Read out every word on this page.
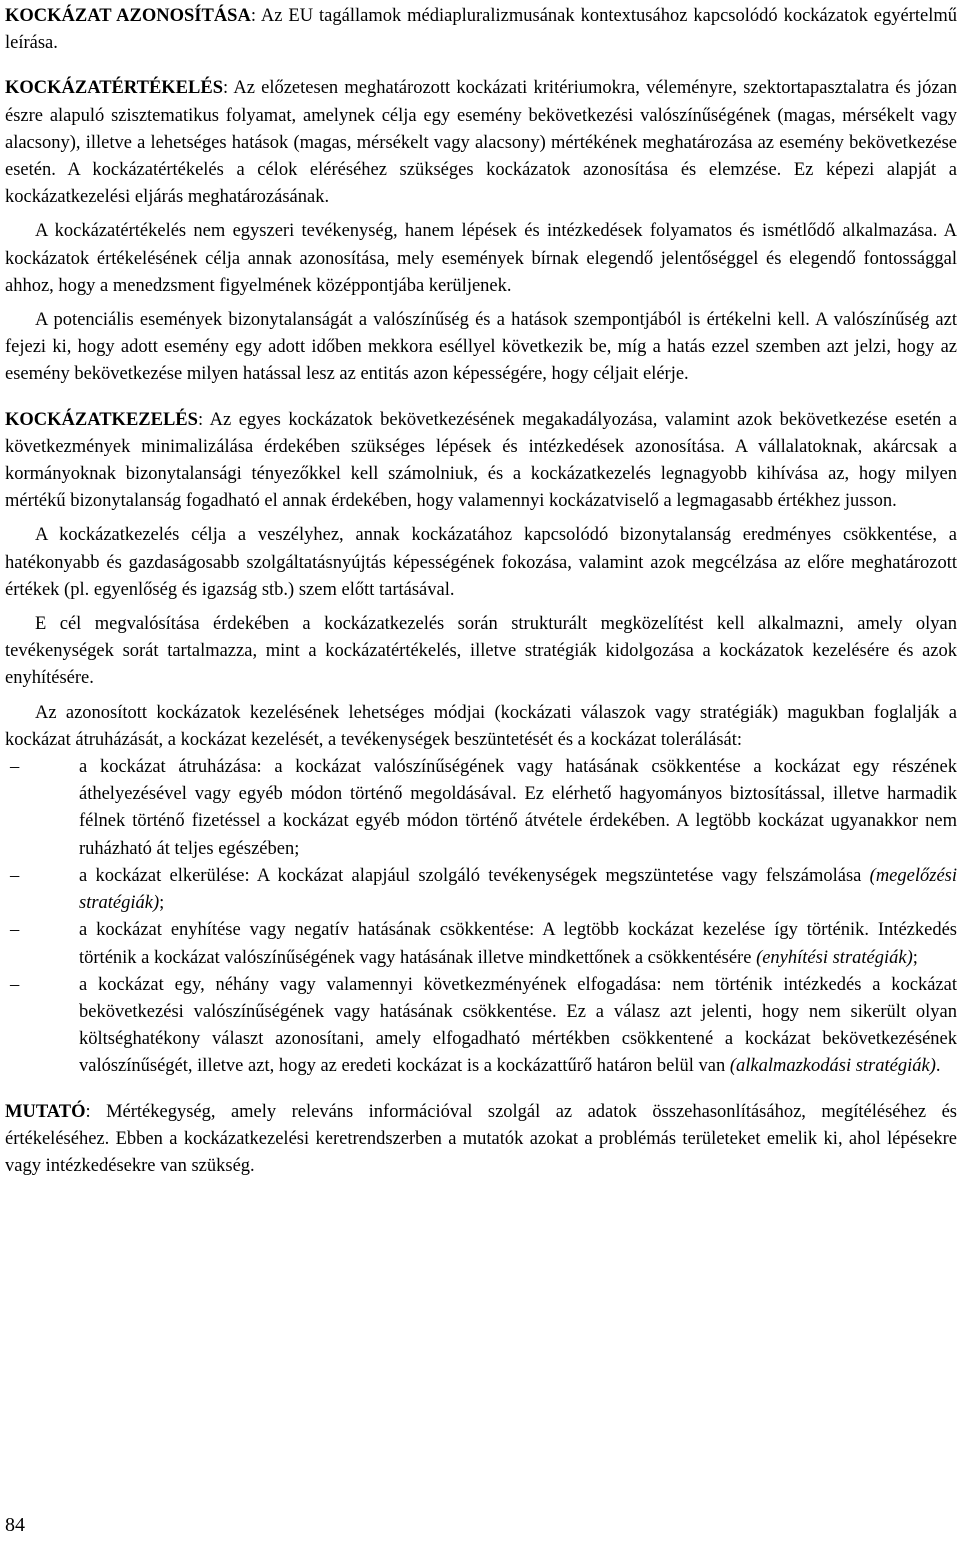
KOCKÁZAT AZONOSÍTÁSA: Az EU tagállamok médiapluralizmusának kontextusához kapcsolódó kockázatok egyértelmű leírása.

KOCKÁZATÉRTÉKELÉS: Az előzetesen meghatározott kockázati kritériumokra, véleményre, szektortapasztalatra és józan észre alapuló szisztematikus folyamat, amelynek célja egy esemény bekövetkezési valószínűségének (magas, mérsékelt vagy alacsony), illetve a lehetséges hatások (magas, mérsékelt vagy alacsony) mértékének meghatározása az esemény bekövetkezése esetén. A kockázatértékelés a célok eléréséhez szükséges kockázatok azonosítása és elemzése. Ez képezi alapját a kockázatkezelési eljárás meghatározásának.

A kockázatértékelés nem egyszeri tevékenység, hanem lépések és intézkedések folyamatos és ismétlődő alkalmazása. A kockázatok értékelésének célja annak azonosítása, mely események bírnak elegendő jelentőséggel és elegendő fontossággal ahhoz, hogy a menedzsment figyelmének középpontjába kerüljenek.

A potenciális események bizonytalanságát a valószínűség és a hatások szempontjából is értékelni kell. A valószínűség azt fejezi ki, hogy adott esemény egy adott időben mekkora eséllyel következik be, míg a hatás ezzel szemben azt jelzi, hogy az esemény bekövetkezése milyen hatással lesz az entitás azon képességére, hogy céljait elérje.

KOCKÁZATKEZELÉS: Az egyes kockázatok bekövetkezésének megakadályozása, valamint azok bekövetkezése esetén a következmények minimalizálása érdekében szükséges lépések és intézkedések azonosítása. A vállalatoknak, akárcsak a kormányoknak bizonytalansági tényezőkkel kell számolniuk, és a kockázatkezelés legnagyobb kihívása az, hogy milyen mértékű bizonytalanság fogadható el annak érdekében, hogy valamennyi kockázatviselő a legmagasabb értékhez jusson.

A kockázatkezelés célja a veszélyhez, annak kockázatához kapcsolódó bizonytalanság eredményes csökkentése, a hatékonyabb és gazdaságosabb szolgáltatásnyújtás képességének fokozása, valamint azok megcélzása az előre meghatározott értékek (pl. egyenlőség és igazság stb.) szem előtt tartásával.

E cél megvalósítása érdekében a kockázatkezelés során strukturált megközelítést kell alkalmazni, amely olyan tevékenységek sorát tartalmazza, mint a kockázatértékelés, illetve stratégiák kidolgozása a kockázatok kezelésére és azok enyhítésére.

Az azonosított kockázatok kezelésének lehetséges módjai (kockázati válaszok vagy stratégiák) magukban foglalják a kockázat átruházását, a kockázat kezelését, a tevékenységek beszüntetését és a kockázat tolerálását:

–	a kockázat átruházása: a kockázat valószínűségének vagy hatásának csökkentése a kockázat egy részének áthelyezésével vagy egyéb módon történő megoldásával. Ez elérhető hagyományos biztosítással, illetve harmadik félnek történő fizetéssel a kockázat egyéb módon történő átvétele érdekében. A legtöbb kockázat ugyanakkor nem ruházható át teljes egészében;
–	a kockázat elkerülése: A kockázat alapjául szolgáló tevékenységek megszüntetése vagy felszámolása (megelőzési stratégiák);
–	a kockázat enyhítése vagy negatív hatásának csökkentése: A legtöbb kockázat kezelése így történik. Intézkedés történik a kockázat valószínűségének vagy hatásának illetve mindkettőnek a csökkentésére (enyhítési stratégiák);
–	a kockázat egy, néhány vagy valamennyi következményének elfogadása: nem történik intézkedés a kockázat bekövetkezési valószínűségének vagy hatásának csökkentése. Ez a válasz azt jelenti, hogy nem sikerült olyan költséghatékony választ azonosítani, amely elfogadható mértékben csökkentené a kockázat bekövetkezésének valószínűségét, illetve azt, hogy az eredeti kockázat is a kockázattűrő határon belül van (alkalmazkodási stratégiák).

MUTATÓ: Mértékegység, amely releváns információval szolgál az adatok összehasonlításához, megítéléséhez és értékeléséhez. Ebben a kockázatkezelési keretrendszerben a mutatók azokat a problémás területeket emelik ki, ahol lépésekre vagy intézkedésekre van szükség.

84
